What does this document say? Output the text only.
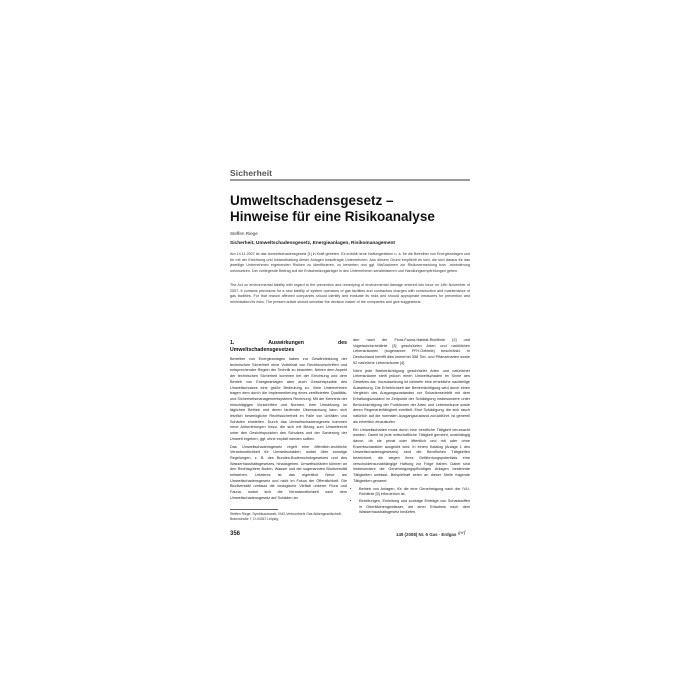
Sicherheit
Umweltschadensgesetz –
Hinweise für eine Risikoanalyse
Steffen Riege
Sicherheit, Umweltschadensgesetz, Energieanlagen, Risikomanagement

Am 14.11.2007 ist das Umweltschadensgesetz [1] in Kraft getreten. Es enthält neue Haftungsrisiken u. a. für die Betreiber von Energieanlagen und für mit der Errichtung und Instandhaltung dieser Anlagen beauftragte Unternehmen. Aus diesem Grund empfiehlt es sich, die sich daraus für das jeweilige Unternehmen ergebenden Risiken zu identifizieren, zu bewerten und ggf. Maßnahmen zur Risikovermeidung bzw. -minimierung umzusetzen. Der vorliegende Beitrag soll die Entscheidungsträger in den Unternehmen sensibilisieren und Handlungsempfehlungen geben.

The Act on environmental liability with regard to the prevention and remedying of environmental damage entered into force on 14th November of 2007. It contains provisions for a new liability of system operators of gas facilities and contractors charged with construction and maintenance of gas facilities. For that reason affected companies should identify and evaluate its risks and should appropriate measures for prevention and minimisation its risks. The present article should sensitise the decision maker of the companies and give suggestions.

1. Auswirkungen des Umweltschadensgesetzes

Betreiber von Energieanlagen haben zur Gewährleistung der technischen Sicherheit ohne Vorbehalt von Rechtsvorschriften und entsprechender Regeln der Technik zu beachten. Neben dem Aspekt der technischen Sicherheit kommen bei der Errichtung und dem Betrieb von Energieanlagen aber auch Gesichtspunkte des Umweltschutzes eine große Bedeutung zu. Viele Unternehmen tragen dem durch die Implementierung eines zertifizierten Qualitäts- und Sicherheitsmanagementsystems Rechnung. Mit der Kenntnis der einschlägigen Vorschriften und Normen, ihrer Umsetzung im täglichen Betrieb und deren laufender Überwachung kann sich letztlich bestmögliche Rechtssicherheit im Falle von Unfällen und Schäden einstellen. Durch das Umweltschadensgesetz kommen neue Anforderungen hinzu, die sich mit Bezug zum Umweltrecht unter den Gesichtspunkten des Schutzes und der Sanierung der Umwelt ergeben, ggf. ohne explizit werden sollten.

Das Umweltschadensgesetz regelt eine öffentlich-rechtliche Verantwortlichkeit für Umweltschäden, wobei über sonstige Regelungen, z. B. des Bundes-Bodenschutzgesetzes und des Wasserhaushaltsgesetzes, hinausgehen. Umweltschäden können an den Rechtsgütern Boden, Wasser und der sogenannten Biodiversität entstehen. Letzteres ist das eigentlich Neue am Umweltschadensgesetz und nicht im Fokus der Öffentlichkeit. Die Biodiversität umfasst die biologische Vielfalt unserer Flora und Fauna, wobei sich die Verantwortlichkeit nach dem Umweltschadensgesetz auf Schäden an

den nach der Flora-Fauna-Habitat-Richtlinie [2] und Vogelschutzrichtlinie [3] geschützten Arten und natürlichen Lebensräumen (sogenannte FFH-Gebiete) beschränkt. In Deutschland betrifft dies immerhin 358 Tier- und Pflanzenarten sowie 92 natürliche Lebensräume [4].

Nicht jede Beeinträchtigung geschützter Arten und natürlicher Lebensräume stellt jedoch einen Umweltschaden im Sinne des Gesetzes dar. Voraussetzung ist vielmehr eine erhebliche nachteilige Auswirkung. Die Erheblichkeit der Beeinträchtigung wird durch einen Vergleich des Ausgangszustandes vor Schadenseintritt mit dem Erhaltungszustand im Zeitpunkt der Schädigung insbesondere unter Berücksichtigung der Funktionen der Arten und Lebensräume sowie deren Regenerierfähigkeit ermittelt. Eine Schädigung, die sich rasch natürlich auf die normalen Ausgangszustand zurückführt, ist generell als erheblich einzustufen.

Ein Umweltschaden muss durch eine berufliche Tätigkeit verursacht worden. Damit ist jede wirtschaftliche Tätigkeit gemeint, unabhängig davon, ob sie privat oder öffentlich und mit oder ohne Erwerbscharakter ausgeübt wird. In einem Katalog (Anlage 1 des Umweltschadensgesetzes) sind die Beruflichen Tätigkeiten bezeichnet, die wegen ihres Gefährdungspotentials eine verschuldensunabhängige Haftung zur Folge haben. Dabei sind insbesondere die Genehmigungspflichtigen Anlagen bestimmte Tätigkeiten umfasst. Beispielhaft seien an dieser Stelle folgende Tätigkeiten genannt:

• Betrieb von Anlagen, für die eine Genehmigung nach der IVU-Richtlinie [5] erforderlich ist,
• Einleitungen, Einleitung und sonstige Einträge von Schadstoffen in Oberflächengewässer, die einer Erlaubnis nach dem Wasserhaushaltsgesetz bedürfen,
Steffen Riege, Syndikusanwalt, VNG-Verbundnetz Gas Aktiengesellschaft, Braunstraße 7, D-04347 Leipzig.
356	149 (2008) Nr. 6 Gas · Erdgas gwf
